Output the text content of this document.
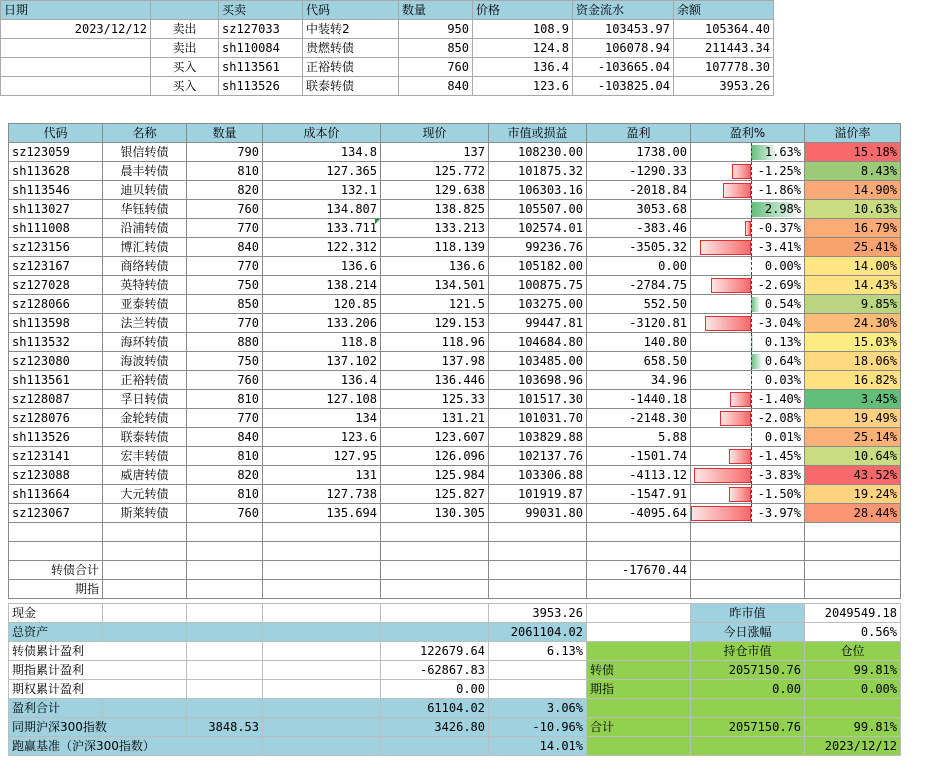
日期		买卖	代码	数量	价格	资金流水	余额
2023/12/12	卖出	sz127033	中装转2	950	108.9	103453.97	105364.40
	卖出	sh110084	贵燃转债	850	124.8	106078.94	211443.34
	买入	sh113561	正裕转债	760	136.4	-103665.04	107778.30
	买入	sh113526	联泰转债	840	123.6	-103825.04	3953.26
代码	名称	数量	成本价	现价	市值或损益	盈利	盈利%	溢价率
sz123059	银信转债	790	134.8	137	108230.00	1738.00	1.63%	15.18%
sh113628	晨丰转债	810	127.365	125.772	101875.32	-1290.33	-1.25%	8.43%
sh113546	迪贝转债	820	132.1	129.638	106303.16	-2018.84	-1.86%	14.90%
sh113027	华钰转债	760	134.807	138.825	105507.00	3053.68	2.98%	10.63%
sh111008	沿浦转债	770	133.711	133.213	102574.01	-383.46	-0.37%	16.79%
sz123156	博汇转债	840	122.312	118.139	99236.76	-3505.32	-3.41%	25.41%
sz123167	商络转债	770	136.6	136.6	105182.00	0.00	0.00%	14.00%
sz127028	英特转债	750	138.214	134.501	100875.75	-2784.75	-2.69%	14.43%
sz128066	亚泰转债	850	120.85	121.5	103275.00	552.50	0.54%	9.85%
sh113598	法兰转债	770	133.206	129.153	99447.81	-3120.81	-3.04%	24.30%
sh113532	海环转债	880	118.8	118.96	104684.80	140.80	0.13%	15.03%
sz123080	海波转债	750	137.102	137.98	103485.00	658.50	0.64%	18.06%
sh113561	正裕转债	760	136.4	136.446	103698.96	34.96	0.03%	16.82%
sz128087	孚日转债	810	127.108	125.33	101517.30	-1440.18	-1.40%	3.45%
sz128076	金轮转债	770	134	131.21	101031.70	-2148.30	-2.08%	19.49%
sh113526	联泰转债	840	123.6	123.607	103829.88	5.88	0.01%	25.14%
sz123141	宏丰转债	810	127.95	126.096	102137.76	-1501.74	-1.45%	10.64%
sz123088	威唐转债	820	131	125.984	103306.88	-4113.12	-3.83%	43.52%
sh113664	大元转债	810	127.738	125.827	101919.87	-1547.91	-1.50%	19.24%
sz123067	斯莱转债	760	135.694	130.305	99031.80	-4095.64	-3.97%	28.44%

转债合计						-17670.44		
期指								
现金					3953.26		昨市值	2049549.18
总资产					2061104.02		今日涨幅	0.56%
转债累计盈利				122679.64	6.13%		持仓市值	仓位
期指累计盈利				-62867.83		转债	2057150.76	99.81%
期权累计盈利				0.00		期指	0.00	0.00%
盈利合计				61104.02	3.06%			
同期沪深300指数		3848.53		3426.80	-10.96%	合计	2057150.76	99.81%
跑赢基准（沪深300指数）					14.01%			2023/12/12
